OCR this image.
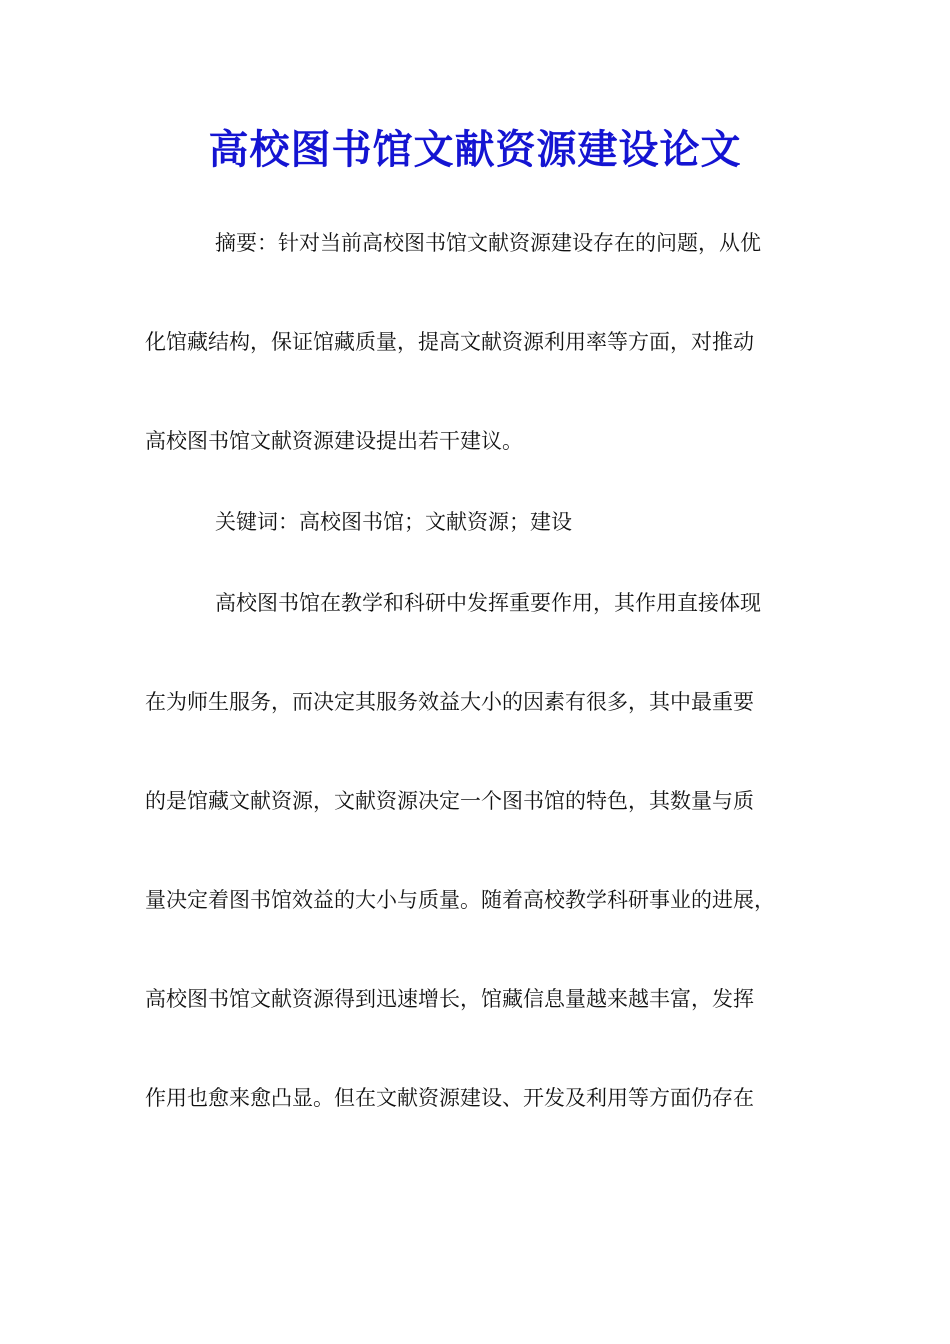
高校图书馆文献资源建设论文
摘要：针对当前高校图书馆文献资源建设存在的问题，从优
化馆藏结构，保证馆藏质量，提高文献资源利用率等方面，对推动
高校图书馆文献资源建设提出若干建议。
关键词：高校图书馆；文献资源；建设
高校图书馆在教学和科研中发挥重要作用，其作用直接体现
在为师生服务，而决定其服务效益大小的因素有很多，其中最重要
的是馆藏文献资源，文献资源决定一个图书馆的特色，其数量与质
量决定着图书馆效益的大小与质量。随着高校教学科研事业的进展，
高校图书馆文献资源得到迅速增长，馆藏信息量越来越丰富，发挥
作用也愈来愈凸显。但在文献资源建设、开发及利用等方面仍存在
